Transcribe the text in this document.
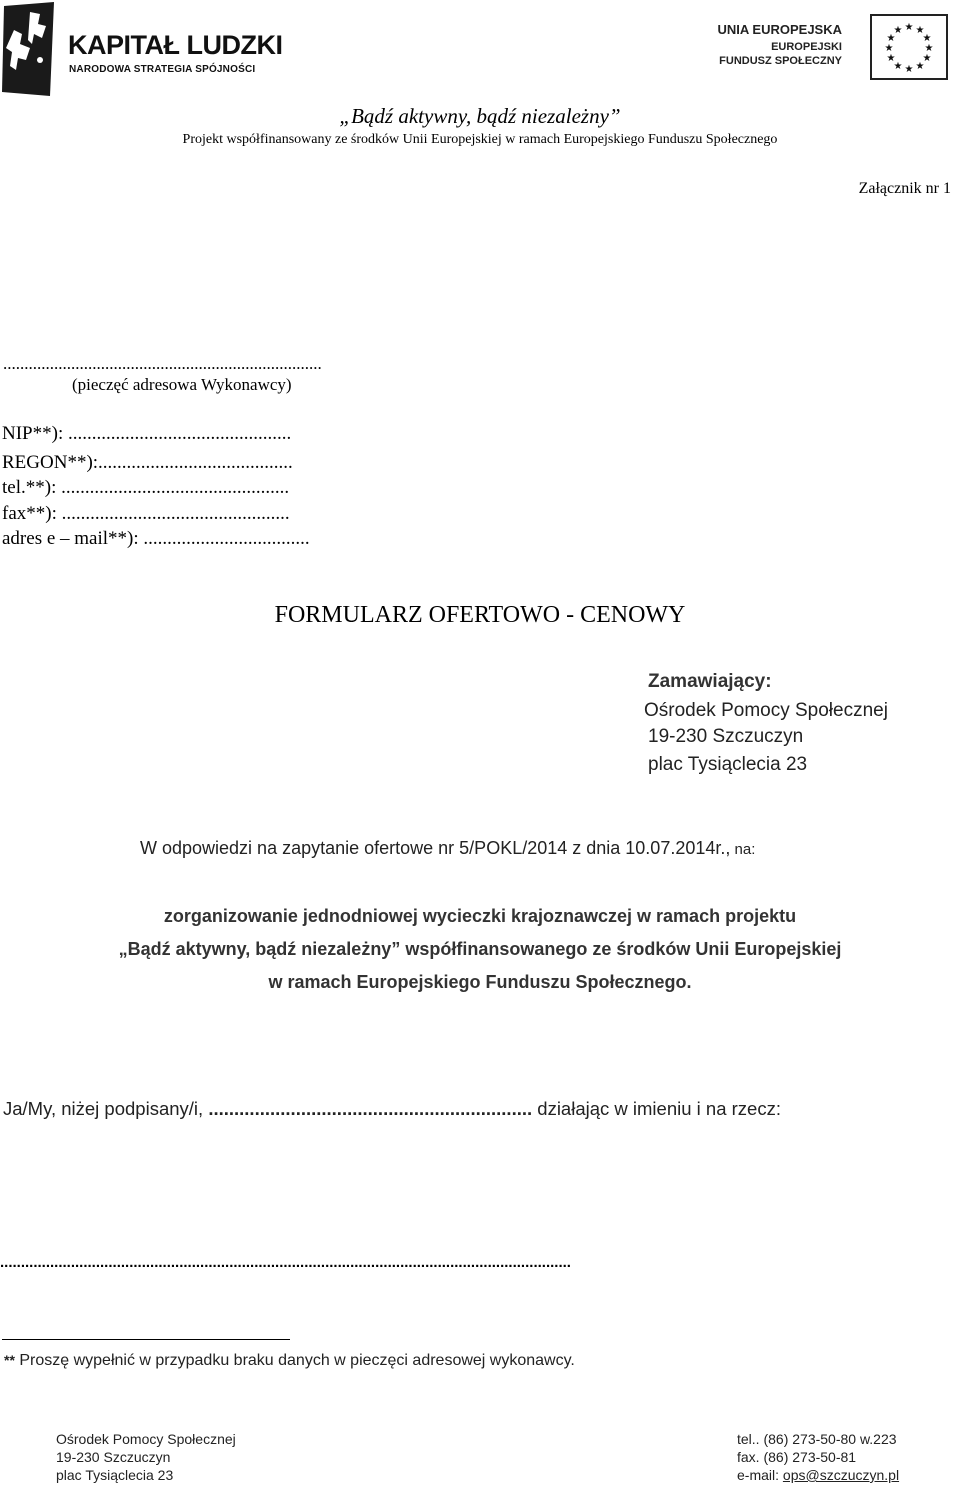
KAPITAŁ LUDZKI
NARODOWA STRATEGIA SPÓJNOŚCI
UNIA EUROPEJSKA
EUROPEJSKI
FUNDUSZ SPOŁECZNY
★ ★
★
★
★
★
★
★
★
★
★
★
„Bądź aktywny, bądź niezależny”
Projekt współfinansowany ze środków Unii Europejskiej w ramach Europejskiego Funduszu Społecznego
Załącznik nr 1
...........................................................................
(pieczęć adresowa Wykonawcy)
NIP**): ...............................................
REGON**):.........................................
tel.**): ................................................
fax**): ................................................
adres e – mail**): ...................................
FORMULARZ OFERTOWO - CENOWY
Zamawiający:
Ośrodek Pomocy Społecznej
19-230 Szczuczyn
plac Tysiąclecia 23
W odpowiedzi na zapytanie ofertowe nr 5/POKL/2014 z dnia 10.07.2014r., na:
zorganizowanie jednodniowej wycieczki krajoznawczej w ramach projektu
„Bądź aktywny, bądź niezależny” współfinansowanego ze środków Unii Europejskiej
w ramach Europejskiego Funduszu Społecznego.
Ja/My, niżej podpisany/i, ............................................................... działając w imieniu i na rzecz:
.........................................................................................................................................
** Proszę wypełnić w przypadku braku danych w pieczęci adresowej wykonawcy.
Ośrodek Pomocy Społecznej
19-230 Szczuczyn
plac Tysiąclecia 23
tel.. (86) 273-50-80 w.223
fax. (86) 273-50-81
e-mail: ops@szczuczyn.pl
